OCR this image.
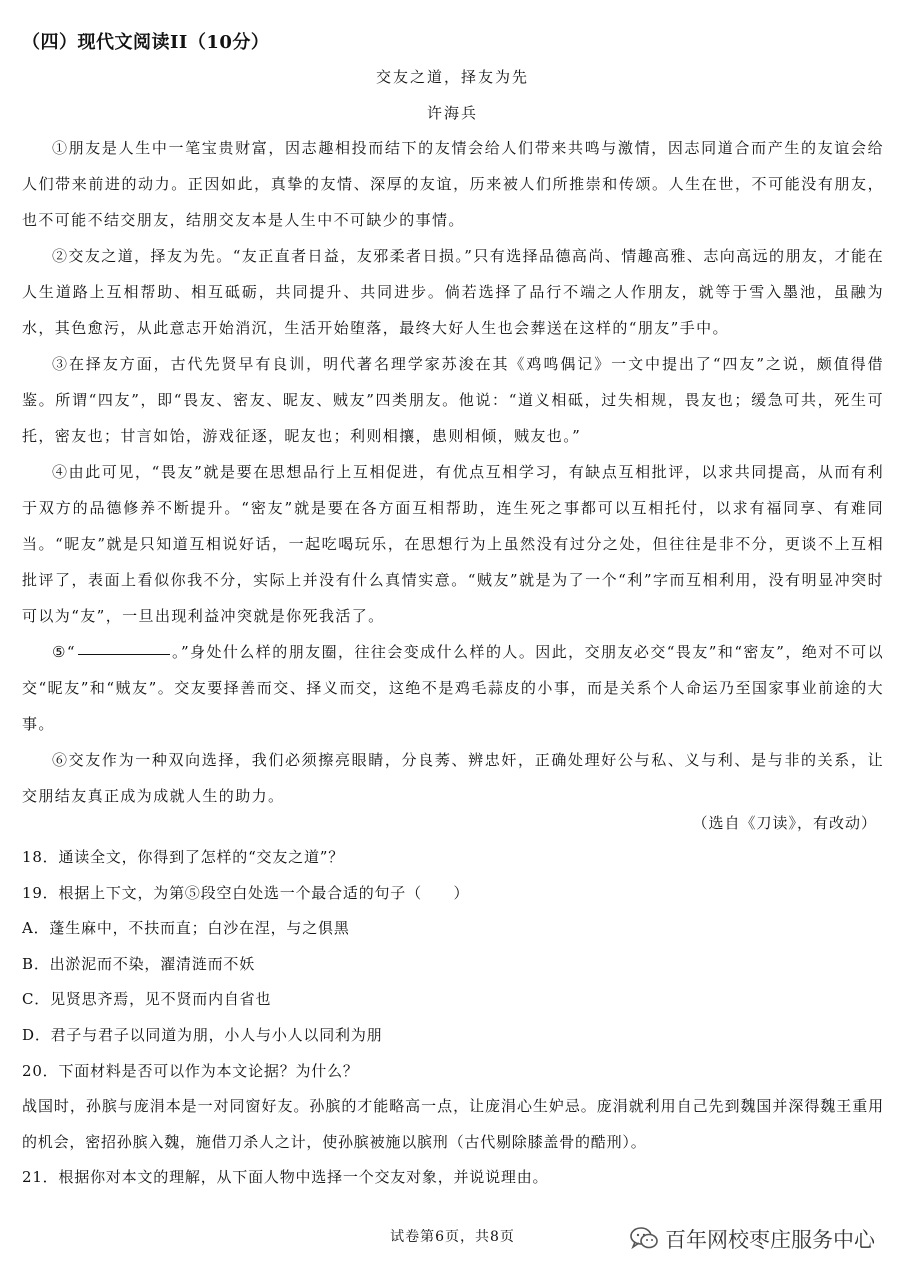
（四）现代文阅读II（10分）
交友之道，择友为先
许海兵

①朋友是人生中一笔宝贵财富，因志趣相投而结下的友情会给人们带来共鸣与激情，因志同道合而产生的友谊会给人们带来前进的动力。正因如此，真挚的友情、深厚的友谊，历来被人们所推崇和传颂。人生在世，不可能没有朋友，也不可能不结交朋友，结朋交友本是人生中不可缺少的事情。

②交友之道，择友为先。“友正直者日益，友邪柔者日损。”只有选择品德高尚、情趣高雅、志向高远的朋友，才能在人生道路上互相帮助、相互砥砺，共同提升、共同进步。倘若选择了品行不端之人作朋友，就等于雪入墨池，虽融为水，其色愈污，从此意志开始消沉，生活开始堕落，最终大好人生也会葬送在这样的“朋友”手中。

③在择友方面，古代先贤早有良训，明代著名理学家苏浚在其《鸡鸣偶记》一文中提出了“四友”之说，颇值得借鉴。所谓“四友”，即“畏友、密友、昵友、贼友”四类朋友。他说：“道义相砥，过失相规，畏友也；缓急可共，死生可托，密友也；甘言如饴，游戏征逐，昵友也；利则相攘，患则相倾，贼友也。”

④由此可见，“畏友”就是要在思想品行上互相促进，有优点互相学习，有缺点互相批评，以求共同提高，从而有利于双方的品德修养不断提升。“密友”就是要在各方面互相帮助，连生死之事都可以互相托付，以求有福同享、有难同当。“昵友”就是只知道互相说好话，一起吃喝玩乐，在思想行为上虽然没有过分之处，但往往是非不分，更谈不上互相批评了，表面上看似你我不分，实际上并没有什么真情实意。“贼友”就是为了一个“利”字而互相利用，没有明显冲突时可以为“友”，一旦出现利益冲突就是你死我活了。

⑤“	。”身处什么样的朋友圈，往往会变成什么样的人。因此，交朋友必交“畏友”和“密友”，绝对不可以交“昵友”和“贼友”。交友要择善而交、择义而交，这绝不是鸡毛蒜皮的小事，而是关系个人命运乃至国家事业前途的大事。

⑥交友作为一种双向选择，我们必须擦亮眼睛，分良莠、辨忠奸，正确处理好公与私、义与利、是与非的关系，让交朋结友真正成为成就人生的助力。

（选自《刀读》，有改动）
18．通读全文，你得到了怎样的“交友之道”？
19．根据上下文，为第⑤段空白处选一个最合适的句子（　　）
A．蓬生麻中，不扶而直；白沙在涅，与之俱黑
B．出淤泥而不染，濯清涟而不妖
C．见贤思齐焉，见不贤而内自省也
D．君子与君子以同道为朋，小人与小人以同利为朋
20．下面材料是否可以作为本文论据？为什么？
战国时，孙膑与庞涓本是一对同窗好友。孙膑的才能略高一点，让庞涓心生妒忌。庞涓就利用自己先到魏国并深得魏王重用的机会，密招孙膑入魏，施借刀杀人之计，使孙膑被施以膑刑（古代剔除膝盖骨的酷刑）。
21．根据你对本文的理解，从下面人物中选择一个交友对象，并说说理由。
试卷第6页，共8页	百年网校枣庄服务中心
